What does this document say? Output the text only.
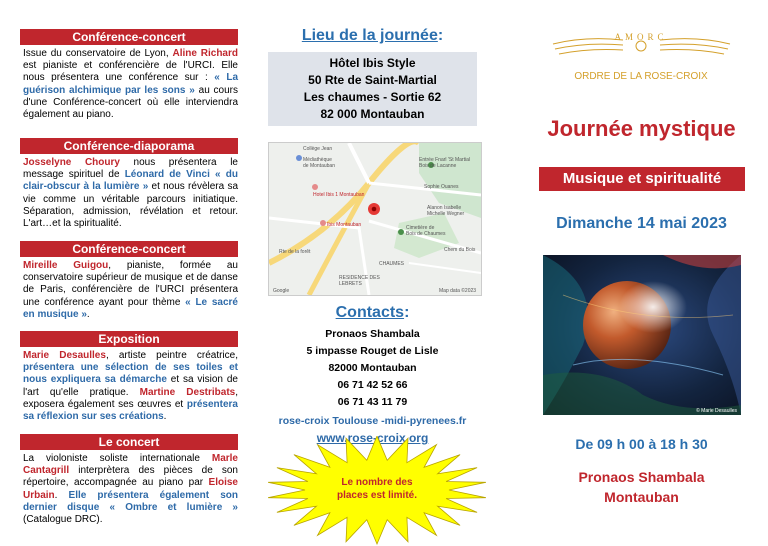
Conférence-concert
Issue du conservatoire de Lyon, Aline Richard est pianiste et conférencière de l'URCI. Elle nous présentera une conférence sur : « La guérison alchimique par les sons » au cours d'une Conférence-concert où elle interviendra également au piano.
Conférence-diaporama
Josselyne Choury nous présentera le message spirituel de Léonard de Vinci « du clair-obscur à la lumière » et nous révèlera sa vie comme un véritable parcours initiatique. Séparation, admission, révélation et retour. L'art…et la spiritualité.
Conférence-concert
Mireille Guigou, pianiste, formée au conservatoire supérieur de musique et de danse de Paris, conférencière de l'URCI présentera une conférence ayant pour thème « Le sacré en musique ».
Exposition
Marie Desaulles, artiste peintre créatrice, présentera une sélection de ses toiles et nous expliquera sa démarche et sa vision de l'art qu'elle pratique. Martine Destribats, exposera également ses œuvres et présentera sa réflexion sur ses créations.
Le concert
La violoniste soliste internationale Marle Cantagrill interprètera des pièces de son répertoire, accompagnée au piano par Eloise Urbain. Elle présentera également son dernier disque « Ombre et lumière » (Catalogue DRC).
Lieu de la journée:
Hôtel Ibis Style
50 Rte de Saint-Martial
Les chaumes - Sortie 62
82 000 Montauban
Collège Jean
Médiathèque
de Montauban
Entrée Fnarl 'St Martial
Bois de Lacanne
Sophie Ouanes
Hotel Ibis 1 Montauban
Alanon Isabelle
Michelle Wegner
Cimetière de
Bois de Chaumes
Ibis Montauban
Chem du Bois
CHAUMES
RESIDENCE DES
LEBRETS
Rte de la forêt
Google	Map data ©2023
Contacts:
Pronaos Shambala
5 impasse Rouget de Lisle
82000 Montauban
06 71 42 52 66
06 71 43 11 79
rose-croix Toulouse -midi-pyrenees.fr
www.rose-croix.org
Le nombre des
places est limité.
AMORC
ORDRE DE LA ROSE-CROIX
Journée mystique
Musique et spiritualité
Dimanche 14 mai 2023
© Marie Desaulles
De 09 h 00 à 18 h 30
Pronaos Shambala
Montauban
